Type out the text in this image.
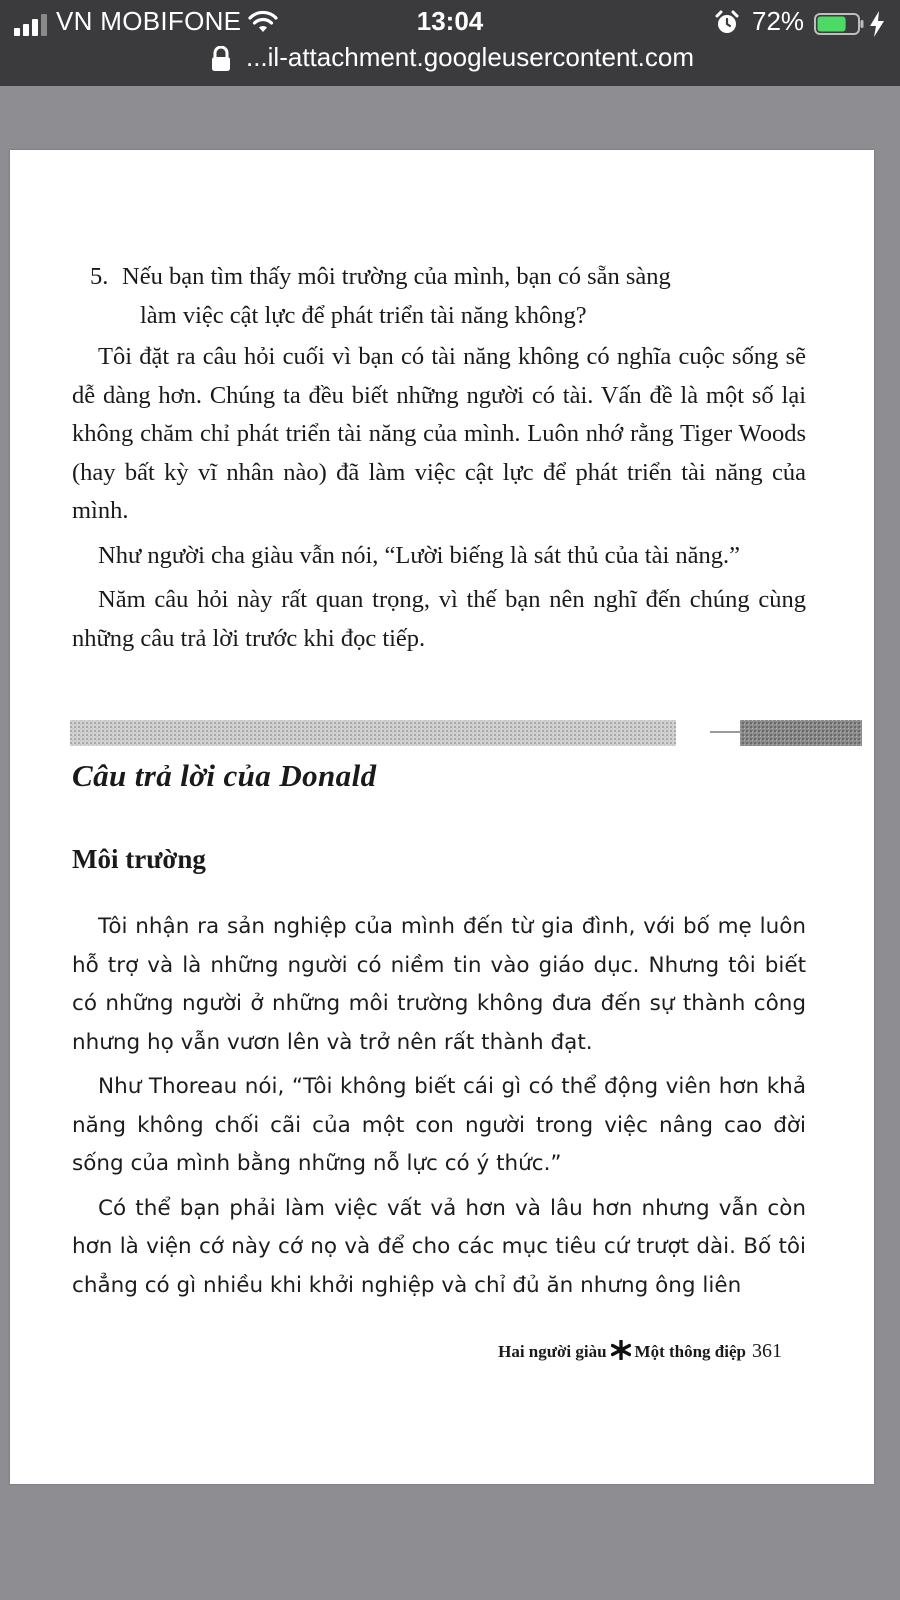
VN MOBIFONE	13:04	72%
...il-attachment.googleusercontent.com
5. Nếu bạn tìm thấy môi trường của mình, bạn có sẵn sàng
làm việc cật lực để phát triển tài năng không?

Tôi đặt ra câu hỏi cuối vì bạn có tài năng không có nghĩa cuộc sống sẽ dễ dàng hơn. Chúng ta đều biết những người có tài. Vấn đề là một số lại không chăm chỉ phát triển tài năng của mình. Luôn nhớ rằng Tiger Woods (hay bất kỳ vĩ nhân nào) đã làm việc cật lực để phát triển tài năng của mình.

Như người cha giàu vẫn nói, “Lười biếng là sát thủ của tài năng.”

Năm câu hỏi này rất quan trọng, vì thế bạn nên nghĩ đến chúng cùng những câu trả lời trước khi đọc tiếp.

Câu trả lời của Donald
Môi trường

Tôi nhận ra sản nghiệp của mình đến từ gia đình, với bố mẹ luôn hỗ trợ và là những người có niềm tin vào giáo dục. Nhưng tôi biết có những người ở những môi trường không đưa đến sự thành công nhưng họ vẫn vươn lên và trở nên rất thành đạt.

Như Thoreau nói, “Tôi không biết cái gì có thể động viên hơn khả năng không chối cãi của một con người trong việc nâng cao đời sống của mình bằng những nỗ lực có ý thức.”

Có thể bạn phải làm việc vất vả hơn và lâu hơn nhưng vẫn còn hơn là viện cớ này cớ nọ và để cho các mục tiêu cứ trượt dài. Bố tôi chẳng có gì nhiều khi khởi nghiệp và chỉ đủ ăn nhưng ông liên

Hai người giàu Một thông điệp 361
